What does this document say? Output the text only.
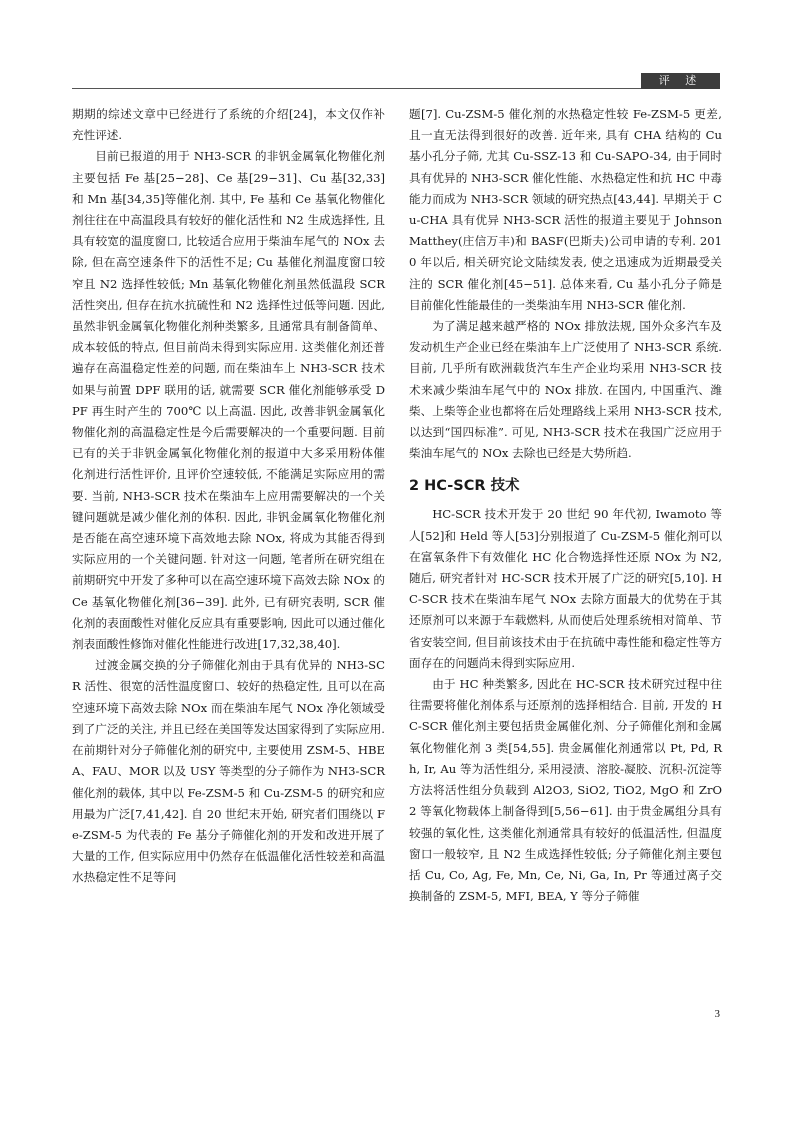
评 述

期期的综述文章中已经进行了系统的介绍[24]，本文仅作补充性评述.

目前已报道的用于 NH3-SCR 的非钒金属氧化物催化剂主要包括 Fe 基[25−28]、Ce 基[29−31]、Cu 基[32,33]和 Mn 基[34,35]等催化剂. 其中, Fe 基和 Ce 基氧化物催化剂往往在中高温段具有较好的催化活性和 N2 生成选择性, 且具有较宽的温度窗口, 比较适合应用于柴油车尾气的 NOx 去除, 但在高空速条件下的活性不足; Cu 基催化剂温度窗口较窄且 N2 选择性较低; Mn 基氧化物催化剂虽然低温段 SCR 活性突出, 但存在抗水抗硫性和 N2 选择性过低等问题. 因此, 虽然非钒金属氧化物催化剂种类繁多, 且通常具有制备简单、成本较低的特点, 但目前尚未得到实际应用. 这类催化剂还普遍存在高温稳定性差的问题, 而在柴油车上 NH3-SCR 技术如果与前置 DPF 联用的话, 就需要 SCR 催化剂能够承受 DPF 再生时产生的 700℃ 以上高温. 因此, 改善非钒金属氧化物催化剂的高温稳定性是今后需要解决的一个重要问题. 目前已有的关于非钒金属氧化物催化剂的报道中大多采用粉体催化剂进行活性评价, 且评价空速较低, 不能满足实际应用的需要. 当前, NH3-SCR 技术在柴油车上应用需要解决的一个关键问题就是减少催化剂的体积. 因此, 非钒金属氧化物催化剂是否能在高空速环境下高效地去除 NOx, 将成为其能否得到实际应用的一个关键问题. 针对这一问题, 笔者所在研究组在前期研究中开发了多种可以在高空速环境下高效去除 NOx 的 Ce 基氧化物催化剂[36−39]. 此外, 已有研究表明, SCR 催化剂的表面酸性对催化反应具有重要影响, 因此可以通过催化剂表面酸性修饰对催化性能进行改进[17,32,38,40].

过渡金属交换的分子筛催化剂由于具有优异的 NH3-SCR 活性、很宽的活性温度窗口、较好的热稳定性, 且可以在高空速环境下高效去除 NOx 而在柴油车尾气 NOx 净化领域受到了广泛的关注, 并且已经在美国等发达国家得到了实际应用. 在前期针对分子筛催化剂的研究中, 主要使用 ZSM-5、HBEA、FAU、MOR 以及 USY 等类型的分子筛作为 NH3-SCR 催化剂的载体, 其中以 Fe-ZSM-5 和 Cu-ZSM-5 的研究和应用最为广泛[7,41,42]. 自 20 世纪末开始, 研究者们围绕以 Fe-ZSM-5 为代表的 Fe 基分子筛催化剂的开发和改进开展了大量的工作, 但实际应用中仍然存在低温催化活性较差和高温水热稳定性不足等问

题[7]. Cu-ZSM-5 催化剂的水热稳定性较 Fe-ZSM-5 更差, 且一直无法得到很好的改善. 近年来, 具有 CHA 结构的 Cu 基小孔分子筛, 尤其 Cu-SSZ-13 和 Cu-SAPO-34, 由于同时具有优异的 NH3-SCR 催化性能、水热稳定性和抗 HC 中毒能力而成为 NH3-SCR 领域的研究热点[43,44]. 早期关于 Cu-CHA 具有优异 NH3-SCR 活性的报道主要见于 Johnson Matthey(庄信万丰)和 BASF(巴斯夫)公司申请的专利. 2010 年以后, 相关研究论文陆续发表, 使之迅速成为近期最受关注的 SCR 催化剂[45−51]. 总体来看, Cu 基小孔分子筛是目前催化性能最佳的一类柴油车用 NH3-SCR 催化剂.

为了满足越来越严格的 NOx 排放法规, 国外众多汽车及发动机生产企业已经在柴油车上广泛使用了 NH3-SCR 系统. 目前, 几乎所有欧洲载货汽车生产企业均采用 NH3-SCR 技术来减少柴油车尾气中的 NOx 排放. 在国内, 中国重汽、潍柴、上柴等企业也都将在后处理路线上采用 NH3-SCR 技术, 以达到“国四标准”. 可见, NH3-SCR 技术在我国广泛应用于柴油车尾气的 NOx 去除也已经是大势所趋.

2 HC-SCR 技术

HC-SCR 技术开发于 20 世纪 90 年代初, Iwamoto 等人[52]和 Held 等人[53]分别报道了 Cu-ZSM-5 催化剂可以在富氧条件下有效催化 HC 化合物选择性还原 NOx 为 N2, 随后, 研究者针对 HC-SCR 技术开展了广泛的研究[5,10]. HC-SCR 技术在柴油车尾气 NOx 去除方面最大的优势在于其还原剂可以来源于车载燃料, 从而使后处理系统相对简单、节省安装空间, 但目前该技术由于在抗硫中毒性能和稳定性等方面存在的问题尚未得到实际应用.

由于 HC 种类繁多, 因此在 HC-SCR 技术研究过程中往往需要将催化剂体系与还原剂的选择相结合. 目前, 开发的 HC-SCR 催化剂主要包括贵金属催化剂、分子筛催化剂和金属氧化物催化剂 3 类[54,55]. 贵金属催化剂通常以 Pt, Pd, Rh, Ir, Au 等为活性组分, 采用浸渍、溶胶-凝胶、沉积-沉淀等方法将活性组分负载到 Al2O3, SiO2, TiO2, MgO 和 ZrO2 等氧化物载体上制备得到[5,56−61]. 由于贵金属组分具有较强的氧化性, 这类催化剂通常具有较好的低温活性, 但温度窗口一般较窄, 且 N2 生成选择性较低; 分子筛催化剂主要包括 Cu, Co, Ag, Fe, Mn, Ce, Ni, Ga, In, Pr 等通过离子交换制备的 ZSM-5, MFI, BEA, Y 等分子筛催

3
